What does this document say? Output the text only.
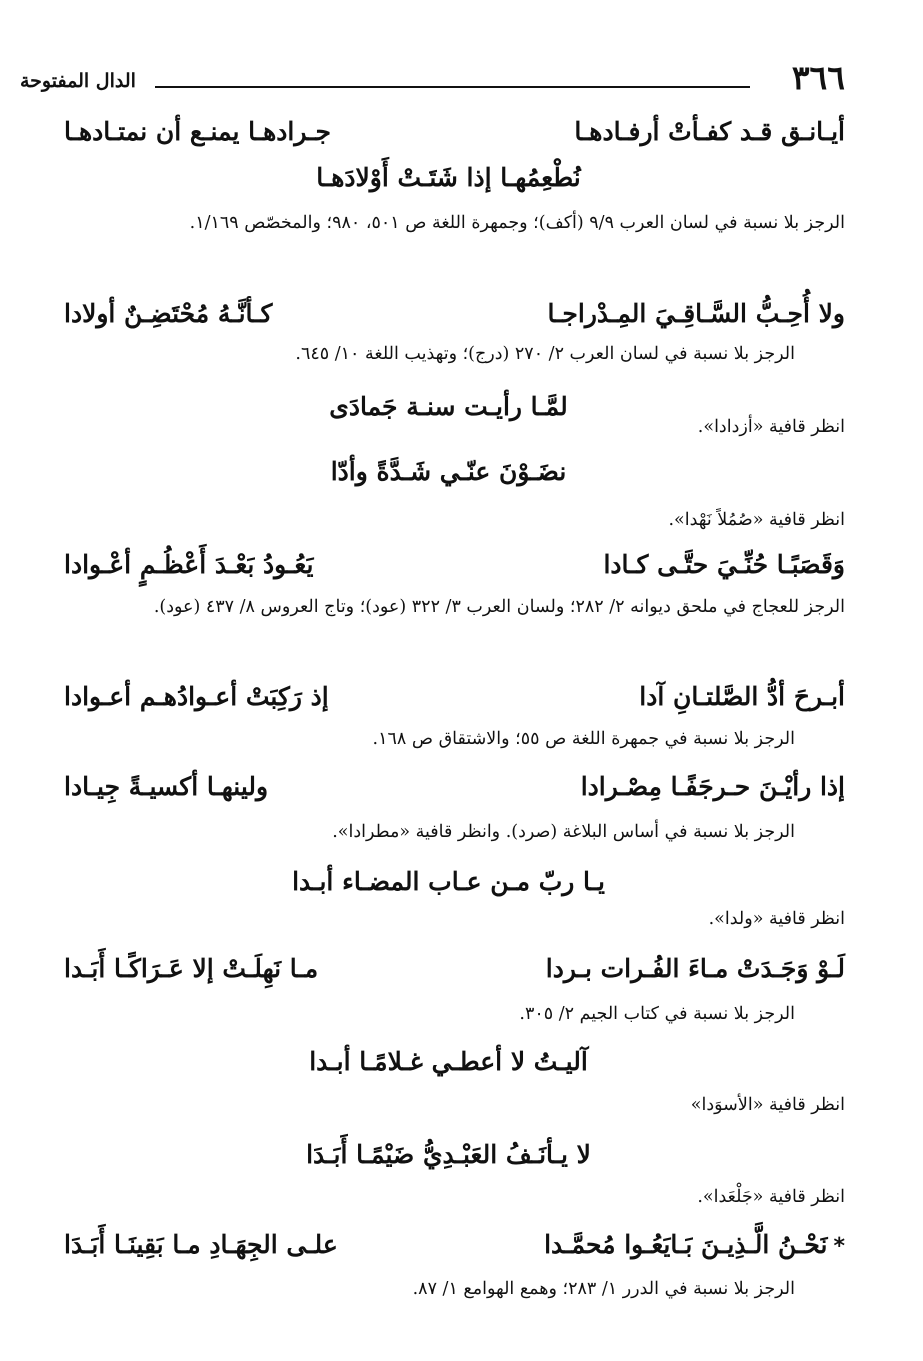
٣٦٦
الدال المفتوحة
أيـانـق قـد كفـأتْ أرفـادهـا
جـرادهـا يمنـع أن نمتـادهـا
نُطْعِمُهـا إذا شَتَـتْ أَوْلادَهـا
الرجز بلا نسبة في لسان العرب ٩/٩ (أكف)؛ وجمهرة اللغة ص ٥٠١، ٩٨٠؛ والمخصّص ١/١٦٩.
ولا أُحِـبُّ السَّـاقِـيَ المِـدْراجـا
كـأنَّـهُ مُحْتَضِـنٌ أولادا
الرجز بلا نسبة في لسان العرب ٢/ ٢٧٠ (درج)؛ وتهذيب اللغة ١٠/ ٦٤٥.
لمَّـا رأيـت سنـة جَمادَى
انظر قافية «أزدادا».
نضَـوْنَ عنّـي شَـدَّةً وأدّا
انظر قافية «صُمُلاً نَهْدا».
وَقَصَبًـا حُنِّـيَ حتَّـى كـادا
يَعُـودُ بَعْـدَ أَعْظُـمٍ أعْـوادا
الرجز للعجاج في ملحق ديوانه ٢/ ٢٨٢؛ ولسان العرب ٣/ ٣٢٢ (عود)؛ وتاج العروس ٨/ ٤٣٧ (عود).
أبـرحَ أدُّ الصَّلتـانِ آدا
إذ رَكِبَتْ أعـوادُهـم أعـوادا
الرجز بلا نسبة في جمهرة اللغة ص ٥٥؛ والاشتقاق ص ١٦٨.
إذا رأيْـنَ حـرجَفًـا مِصْـرادا
ولينهـا أكسيـةً جِيـادا
الرجز بلا نسبة في أساس البلاغة (صرد). وانظر قافية «مطرادا».
يـا ربّ مـن عـاب المضـاء أبـدا
انظر قافية «ولدا».
لَـوْ وَجَـدَتْ مـاءَ الفُـرات بـردا
مـا نَهِلَـتْ إلا عَـرَاكًـا أَبَـدا
الرجز بلا نسبة في كتاب الجيم ٢/ ٣٠٥.
آليـتُ لا أعطـي غـلامًـا أبـدا
انظر قافية «الأسوَدا»
لا يـأنَـفُ العَبْـدِيُّ ضَيْمًـا أَبَـدَا
انظر قافية «جَلْعَدا».
*نَحْـنُ الَّـذِيـنَ بَـايَعُـوا مُحمَّـدا
علـى الجِهَـادِ مـا بَقِينَـا أَبَـدَا
الرجز بلا نسبة في الدرر ١/ ٢٨٣؛ وهمع الهوامع ١/ ٨٧.
